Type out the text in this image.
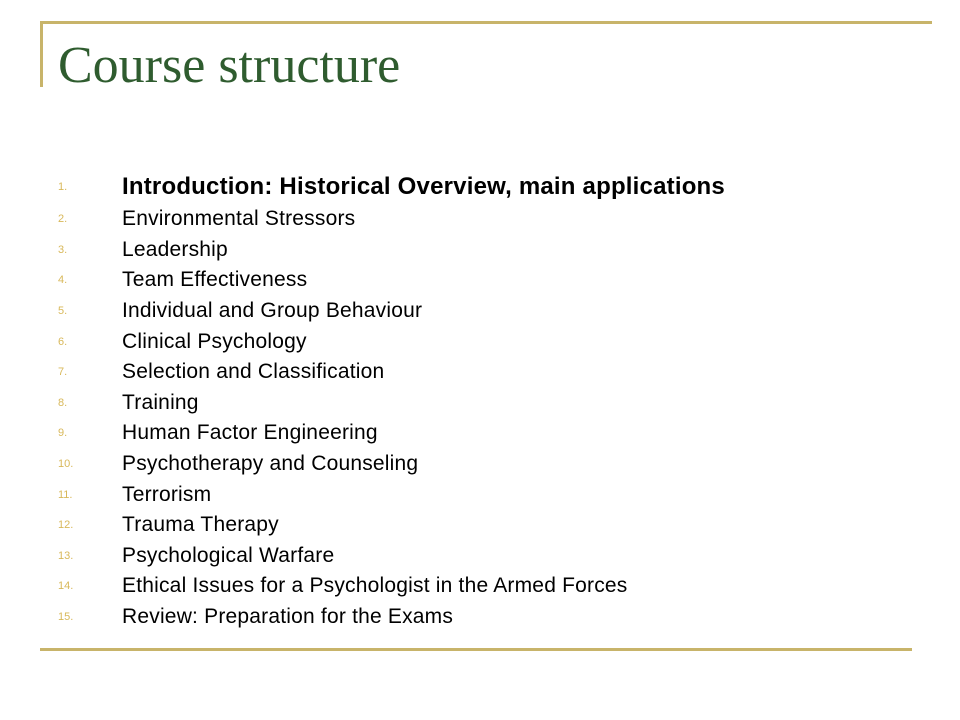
Course structure
1.	Introduction: Historical Overview, main applications
2.	Environmental Stressors
3.	Leadership
4.	Team Effectiveness
5.	Individual and Group Behaviour
6.	Clinical Psychology
7.	Selection and Classification
8.	Training
9.	Human Factor Engineering
10.	Psychotherapy and Counseling
11.	Terrorism
12.	Trauma Therapy
13.	Psychological Warfare
14.	Ethical Issues for a Psychologist in the Armed Forces
15.	Review: Preparation for the Exams
